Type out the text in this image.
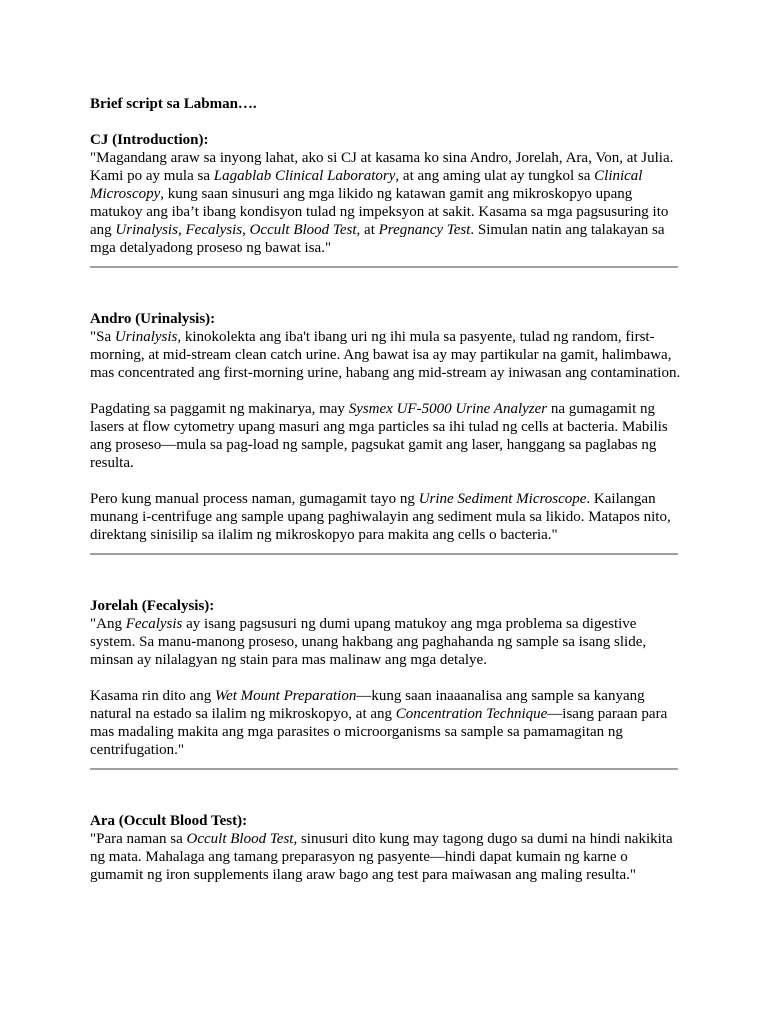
Brief script sa Labman….
CJ (Introduction):

"Magandang araw sa inyong lahat, ako si CJ at kasama ko sina Andro, Jorelah, Ara, Von, at Julia. Kami po ay mula sa Lagablab Clinical Laboratory, at ang aming ulat ay tungkol sa Clinical Microscopy, kung saan sinusuri ang mga likido ng katawan gamit ang mikroskopyo upang matukoy ang iba’t ibang kondisyon tulad ng impeksyon at sakit. Kasama sa mga pagsusuring ito ang Urinalysis, Fecalysis, Occult Blood Test, at Pregnancy Test. Simulan natin ang talakayan sa mga detalyadong proseso ng bawat isa."

Andro (Urinalysis):

"Sa Urinalysis, kinokolekta ang iba't ibang uri ng ihi mula sa pasyente, tulad ng random, first-morning, at mid-stream clean catch urine. Ang bawat isa ay may partikular na gamit, halimbawa, mas concentrated ang first-morning urine, habang ang mid-stream ay iniwasan ang contamination.

Pagdating sa paggamit ng makinarya, may Sysmex UF-5000 Urine Analyzer na gumagamit ng lasers at flow cytometry upang masuri ang mga particles sa ihi tulad ng cells at bacteria. Mabilis ang proseso—mula sa pag-load ng sample, pagsukat gamit ang laser, hanggang sa paglabas ng resulta.

Pero kung manual process naman, gumagamit tayo ng Urine Sediment Microscope. Kailangan munang i-centrifuge ang sample upang paghiwalayin ang sediment mula sa likido. Matapos nito, direktang sinisilip sa ilalim ng mikroskopyo para makita ang cells o bacteria."

Jorelah (Fecalysis):

"Ang Fecalysis ay isang pagsusuri ng dumi upang matukoy ang mga problema sa digestive system. Sa manu-manong proseso, unang hakbang ang paghahanda ng sample sa isang slide, minsan ay nilalagyan ng stain para mas malinaw ang mga detalye.

Kasama rin dito ang Wet Mount Preparation—kung saan inaaanalisa ang sample sa kanyang natural na estado sa ilalim ng mikroskopyo, at ang Concentration Technique—isang paraan para mas madaling makita ang mga parasites o microorganisms sa sample sa pamamagitan ng centrifugation."

Ara (Occult Blood Test):

"Para naman sa Occult Blood Test, sinusuri dito kung may tagong dugo sa dumi na hindi nakikita ng mata. Mahalaga ang tamang preparasyon ng pasyente—hindi dapat kumain ng karne o gumamit ng iron supplements ilang araw bago ang test para maiwasan ang maling resulta."
